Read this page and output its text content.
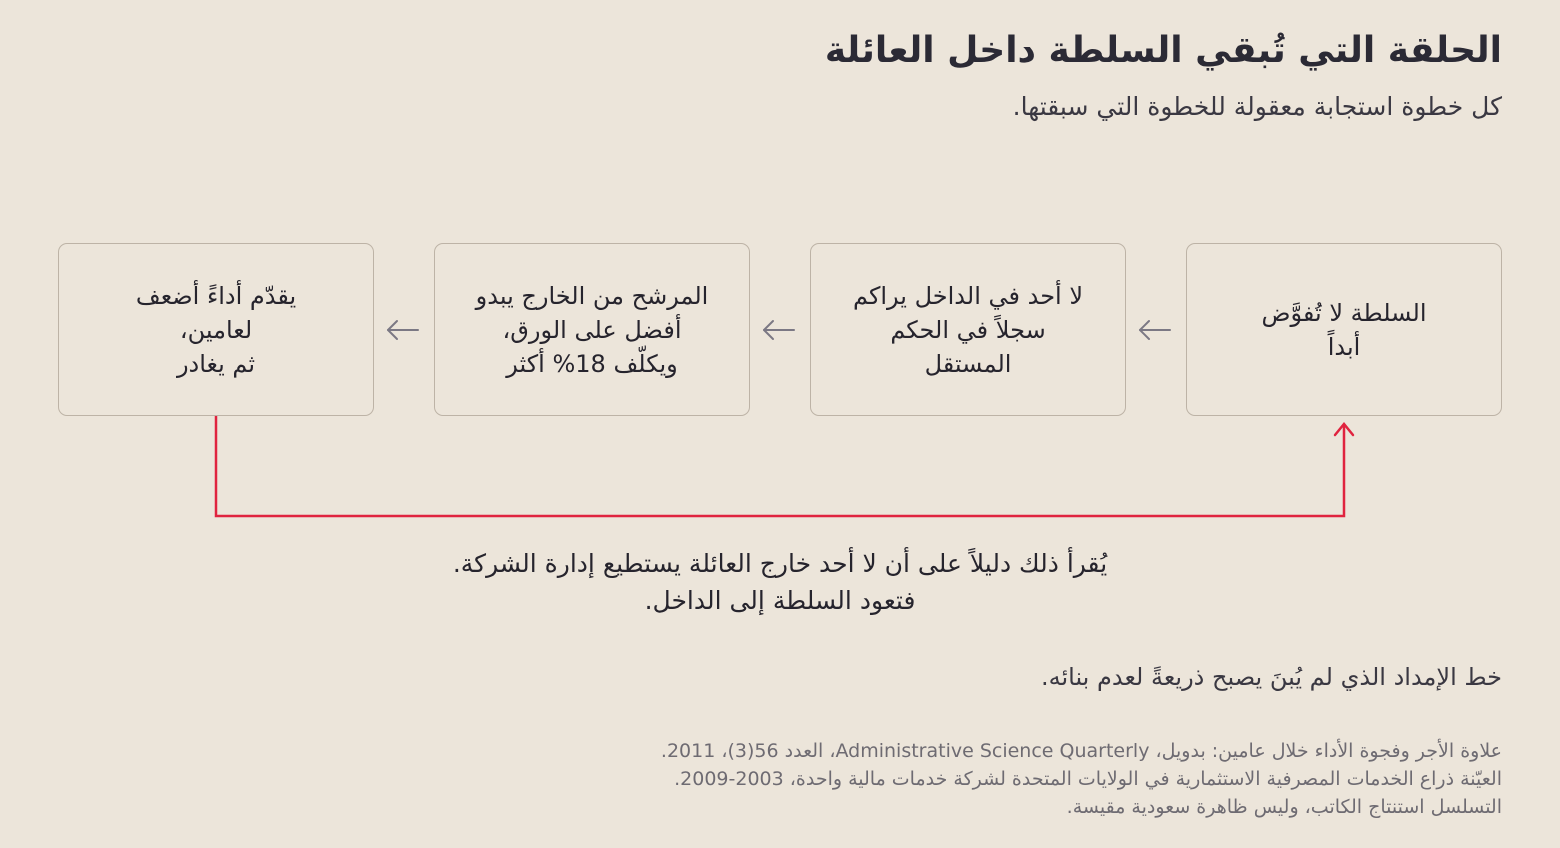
الحلقة التي تُبقي السلطة داخل العائلة
كل خطوة استجابة معقولة للخطوة التي سبقتها.
السلطة لا تُفوَّض
أبداً
لا أحد في الداخل يراكم
سجلاً في الحكم
المستقل
المرشح من الخارج يبدو
أفضل على الورق،
ويكلّف 18% أكثر
يقدّم أداءً أضعف
لعامين،
ثم يغادر
يُقرأ ذلك دليلاً على أن لا أحد خارج العائلة يستطيع إدارة الشركة.
فتعود السلطة إلى الداخل.
خط الإمداد الذي لم يُبنَ يصبح ذريعةً لعدم بنائه.
علاوة الأجر وفجوة الأداء خلال عامين: بدويل، Administrative Science Quarterly، العدد 56(3)، 2011.
العيّنة ذراع الخدمات المصرفية الاستثمارية في الولايات المتحدة لشركة خدمات مالية واحدة، 2003-2009.
التسلسل استنتاج الكاتب، وليس ظاهرة سعودية مقيسة.
